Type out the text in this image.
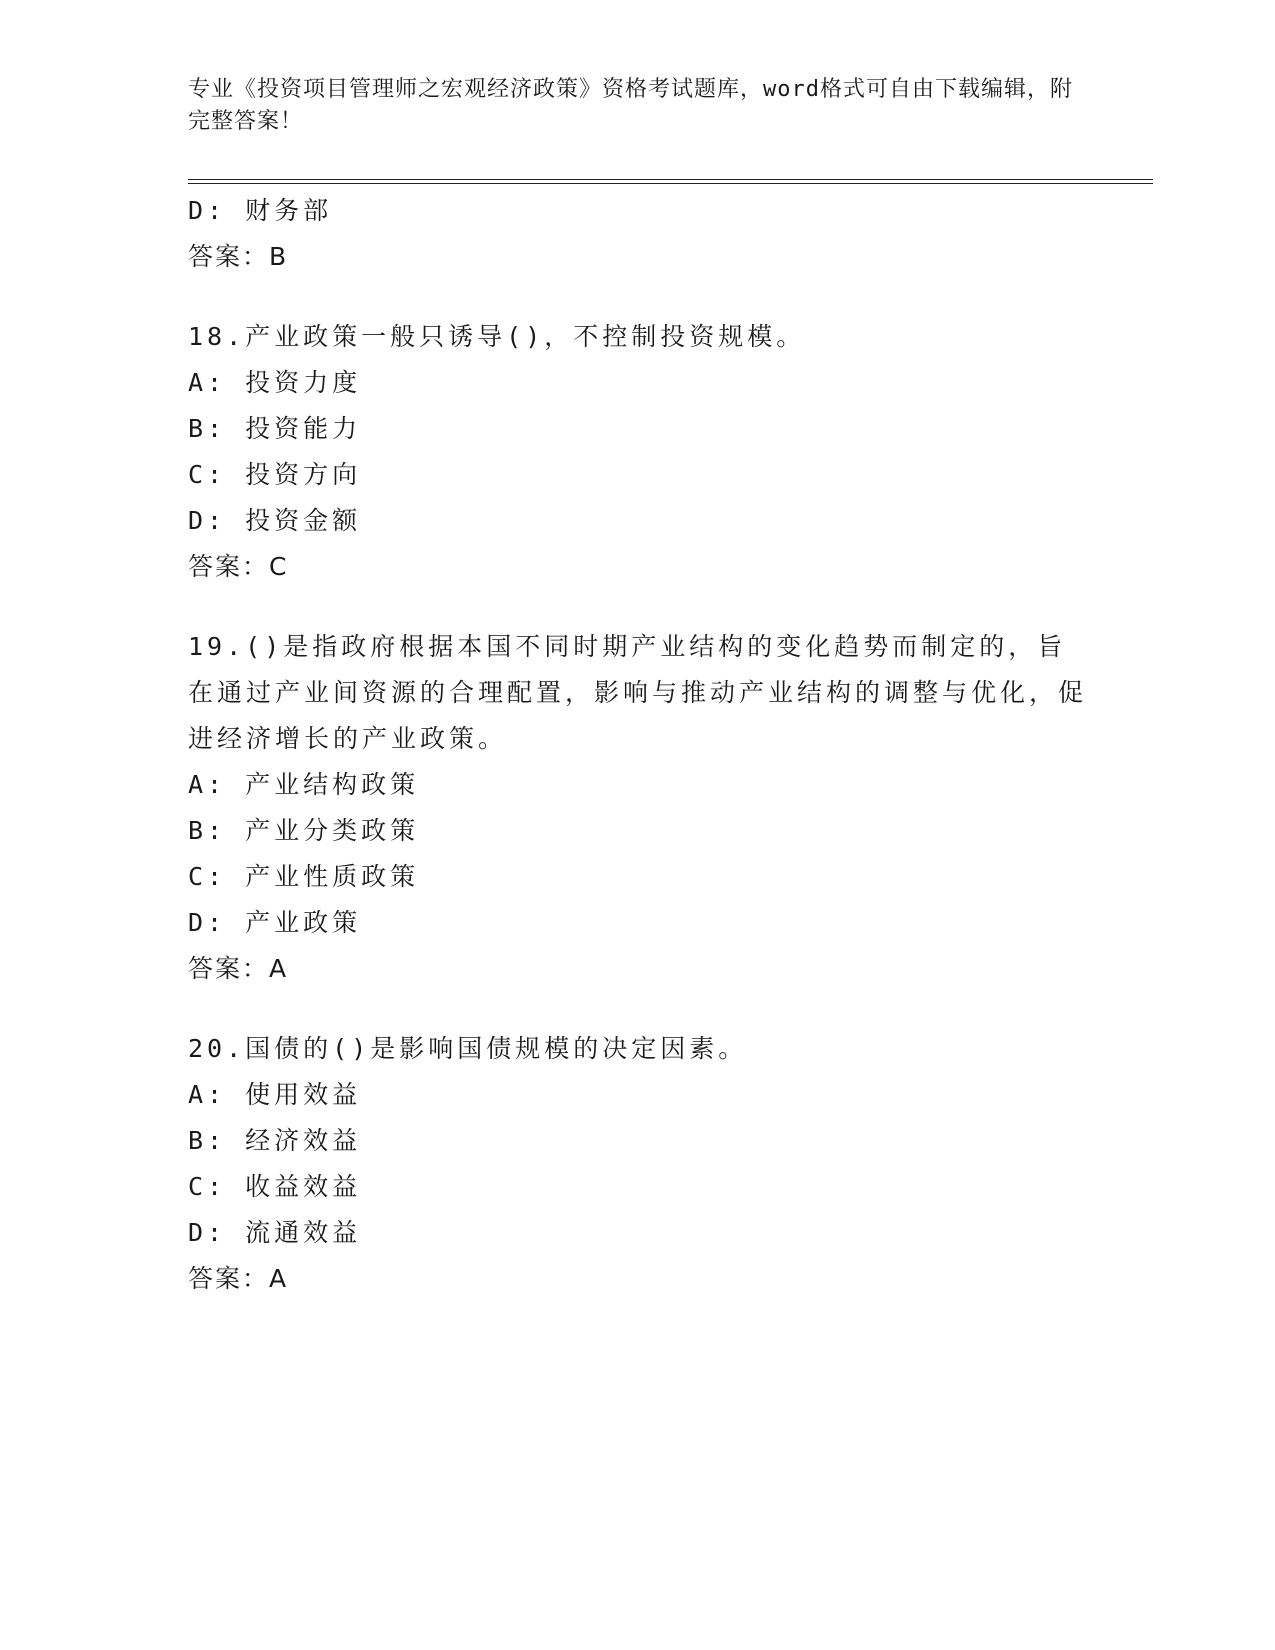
专业《投资项目管理师之宏观经济政策》资格考试题库，word格式可自由下载编辑，附完整答案！
D: 财务部
答案：B
18.产业政策一般只诱导()，不控制投资规模。
A: 投资力度
B: 投资能力
C: 投资方向
D: 投资金额
答案：C
19.()是指政府根据本国不同时期产业结构的变化趋势而制定的，旨在通过产业间资源的合理配置，影响与推动产业结构的调整与优化，促进经济增长的产业政策。
A: 产业结构政策
B: 产业分类政策
C: 产业性质政策
D: 产业政策
答案：A
20.国债的()是影响国债规模的决定因素。
A: 使用效益
B: 经济效益
C: 收益效益
D: 流通效益
答案：A
